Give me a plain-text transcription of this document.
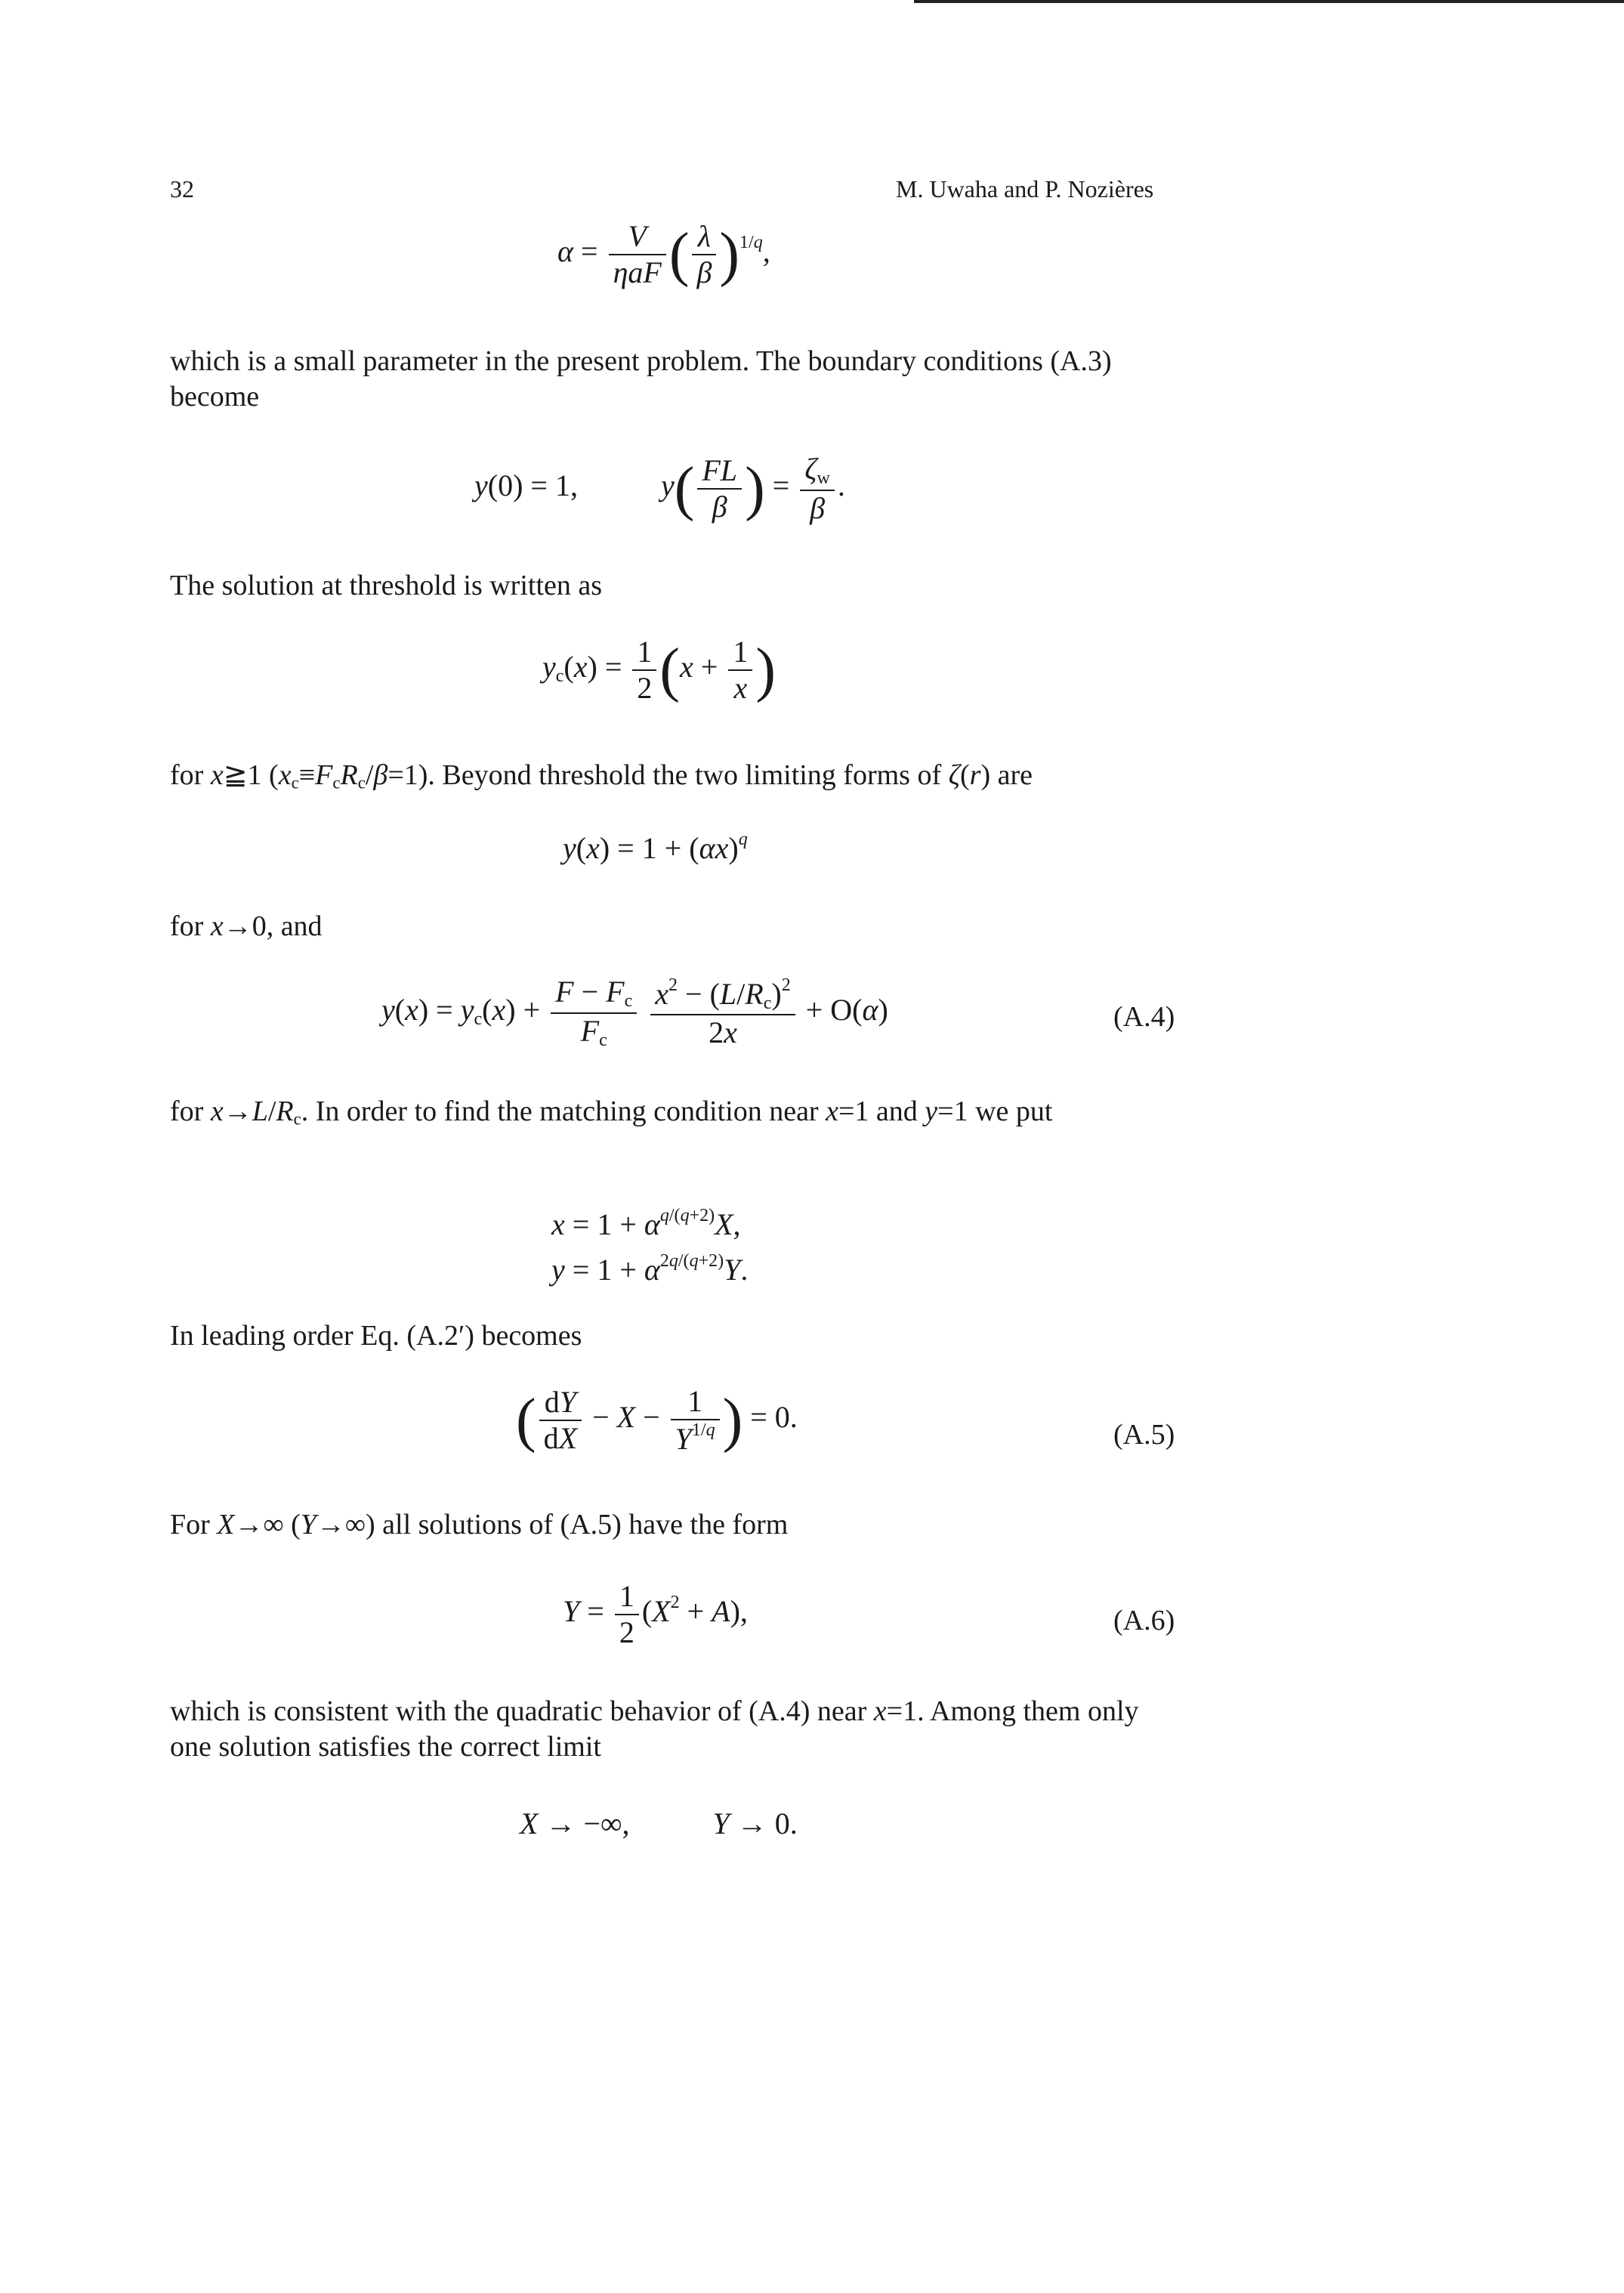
32	M. Uwaha and P. Nozières
$\alpha = \frac{V}{\text{ηaF}}$ ( $\frac{\lambda}{\beta} )^{1/q}$,

which is a small parameter in the present problem. The boundary conditions (A.3) become

y(0) = 1,	$y( \frac{FL}{\beta}$ ) = $\frac{\zeta_w}{\beta}$ .

The solution at threshold is written as

$y_c(x) = \frac{1}{2} (x + \frac{1}{x}$ )

for x≧1 $(x_c\equiv F_cR_c/\beta=1)$. Beyond threshold the two limiting forms of ζ(r) are

$y(x) = 1 + (\alpha x)^q$

for x→0, and

$y(x) = y_c(x) + \frac{F - F_c}{F_c}$
$\frac{x^2 - (L/R_c)^2}{2x} + O(\alpha)$	(A.4)

for $x\to L/R_c$. In order to find the matching condition near x=1 and y=1 we put

$x = 1 + \alpha^{q/(q+2)}X$,
$y = 1 + \alpha^{2q/(q+2)}Y$.

In leading order Eq. (A.2′) becomes

( $\frac{dY}{dX} - X - \frac{1}{Y^{1/q}}$ ) = 0.
(A.5)

For X→∞ (Y→∞) all solutions of (A.5) have the form

$Y = \frac{1}{2} (X^2 + A)$,	(A.6)

which is consistent with the quadratic behavior of (A.4) near x=1. Among them only one solution satisfies the correct limit

X → −∞,	Y → 0.
